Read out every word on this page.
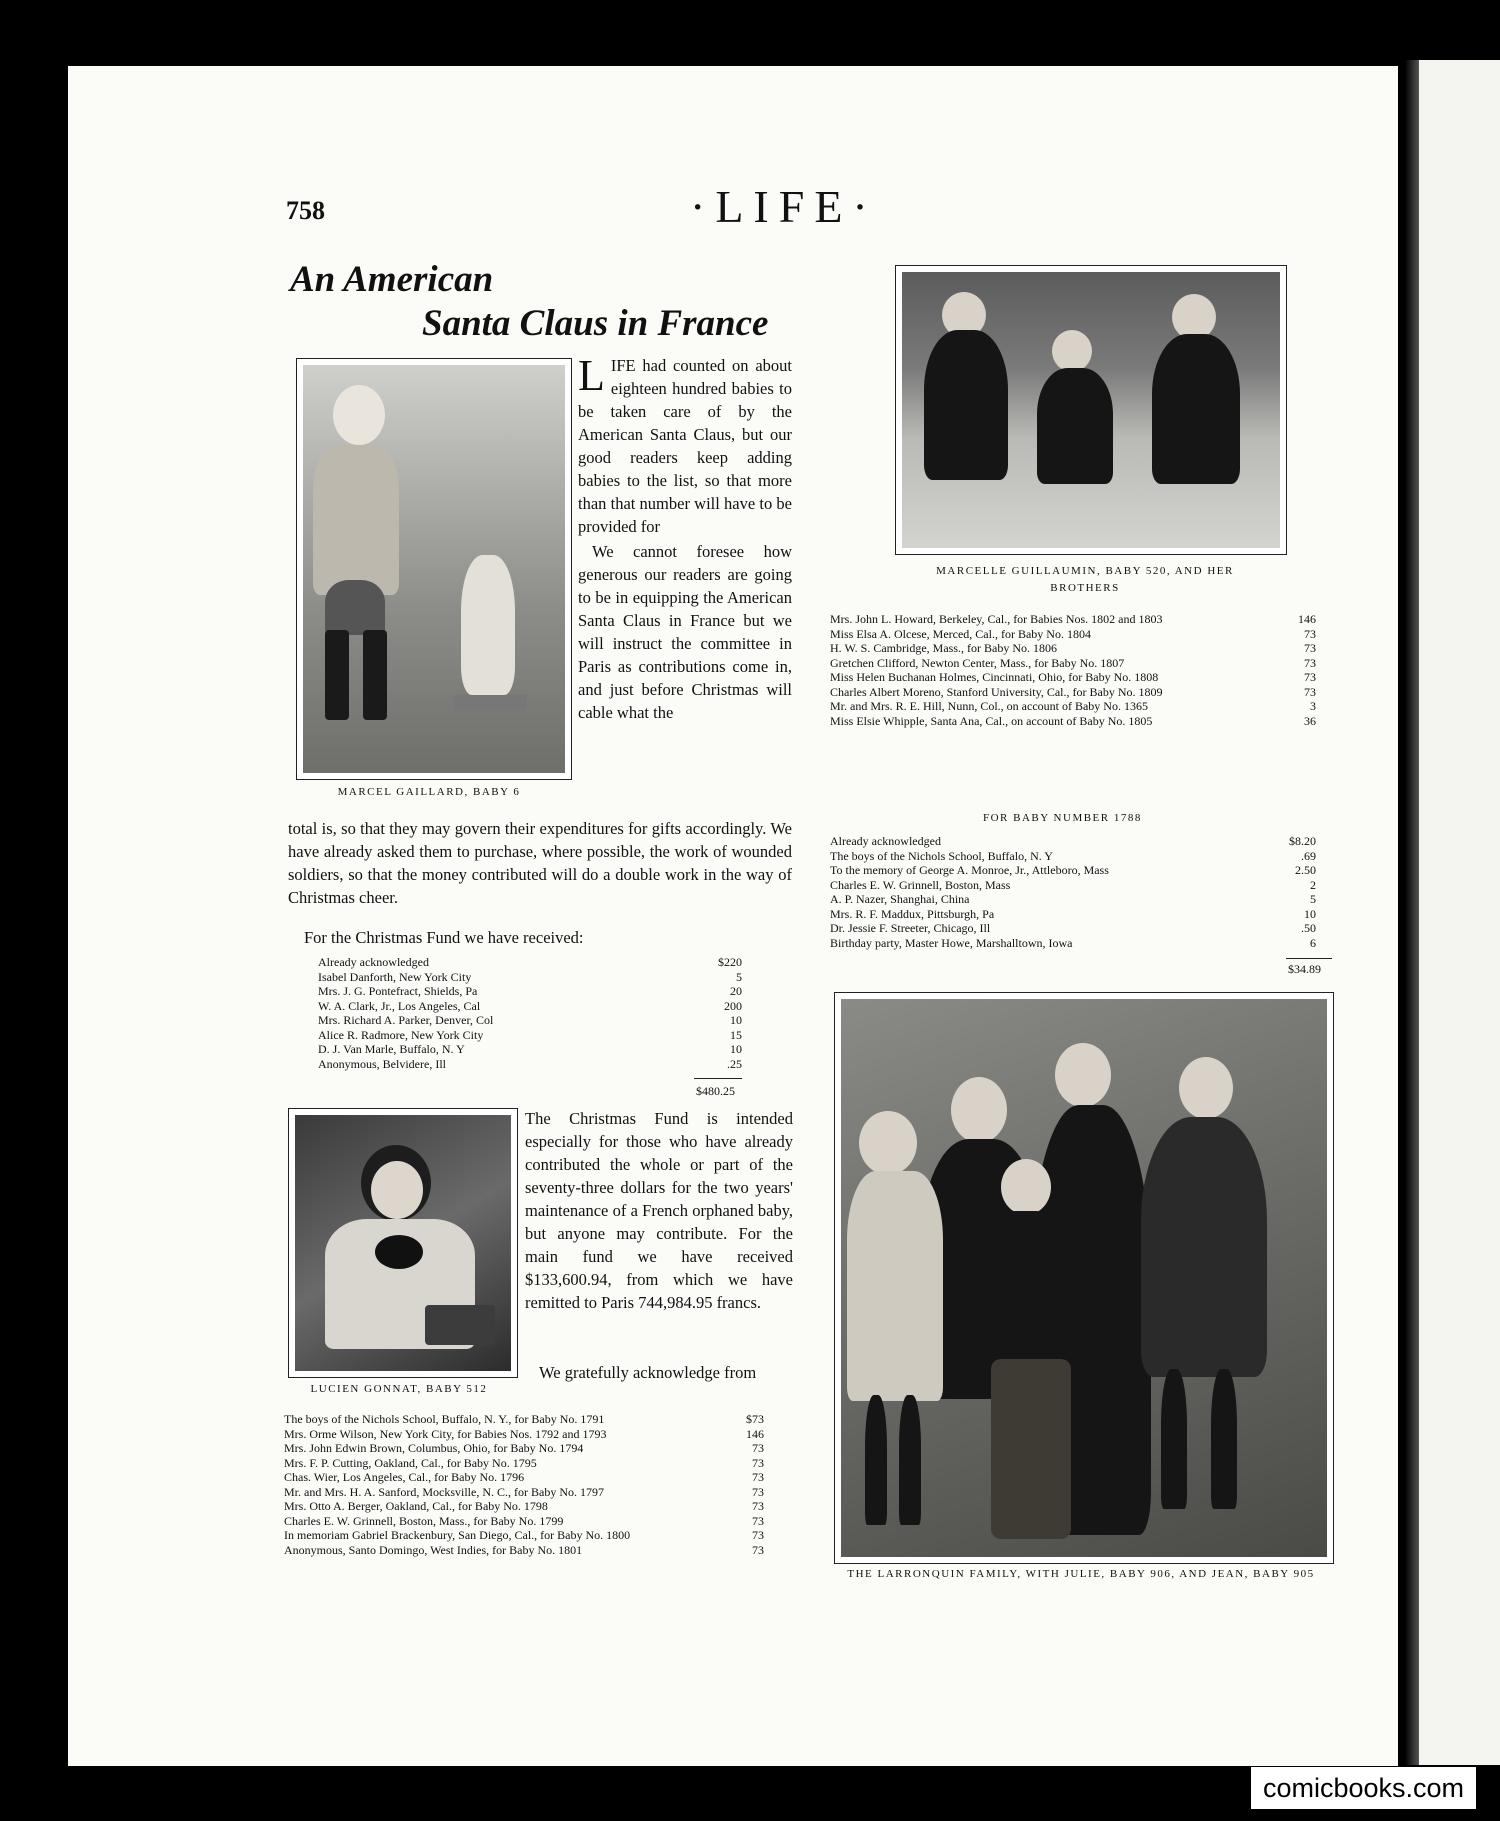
758	·LIFE·
An American
Santa Claus in France
MARCEL GAILLARD, BABY 6

LIFE had counted on about eighteen hundred babies to be taken care of by the American Santa Claus, but our good readers keep adding babies to the list, so that more than that number will have to be provided for

We cannot foresee how generous our readers are going to be in equipping the American Santa Claus in France but we will instruct the committee in Paris as contributions come in, and just before Christmas will cable what the

total is, so that they may govern their expenditures for gifts accordingly. We have already asked them to purchase, where possible, the work of wounded soldiers, so that the money contributed will do a double work in the way of Christmas cheer.
For the Christmas Fund we have received:
Already acknowledged	$220
Isabel Danforth, New York City	5
Mrs. J. G. Pontefract, Shields, Pa	20
W. A. Clark, Jr., Los Angeles, Cal	200
Mrs. Richard A. Parker, Denver, Col	10
Alice R. Radmore, New York City	15
D. J. Van Marle, Buffalo, N. Y	10
Anonymous, Belvidere, Ill	.25
$480.25
LUCIEN GONNAT, BABY 512
The Christmas Fund is intended especially for those who have already contributed the whole or part of the seventy-three dollars for the two years' maintenance of a French orphaned baby, but anyone may contribute. For the main fund we have received $133,600.94, from which we have remitted to Paris 744,984.95 francs.
We gratefully acknowledge from
The boys of the Nichols School, Buffalo, N. Y., for Baby No. 1791	$73
Mrs. Orme Wilson, New York City, for Babies Nos. 1792 and 1793	146
Mrs. John Edwin Brown, Columbus, Ohio, for Baby No. 1794	73
Mrs. F. P. Cutting, Oakland, Cal., for Baby No. 1795	73
Chas. Wier, Los Angeles, Cal., for Baby No. 1796	73
Mr. and Mrs. H. A. Sanford, Mocksville, N. C., for Baby No. 1797	73
Mrs. Otto A. Berger, Oakland, Cal., for Baby No. 1798	73
Charles E. W. Grinnell, Boston, Mass., for Baby No. 1799	73
In memoriam Gabriel Brackenbury, San Diego, Cal., for Baby No. 1800	73
Anonymous, Santo Domingo, West Indies, for Baby No. 1801	73
MARCELLE GUILLAUMIN, BABY 520, AND HER BROTHERS
Mrs. John L. Howard, Berkeley, Cal., for Babies Nos. 1802 and 1803	146
Miss Elsa A. Olcese, Merced, Cal., for Baby No. 1804	73
H. W. S. Cambridge, Mass., for Baby No. 1806	73
Gretchen Clifford, Newton Center, Mass., for Baby No. 1807	73
Miss Helen Buchanan Holmes, Cincinnati, Ohio, for Baby No. 1808	73
Charles Albert Moreno, Stanford University, Cal., for Baby No. 1809	73
Mr. and Mrs. R. E. Hill, Nunn, Col., on account of Baby No. 1365	3
Miss Elsie Whipple, Santa Ana, Cal., on account of Baby No. 1805	36
FOR BABY NUMBER 1788
Already acknowledged	$8.20
The boys of the Nichols School, Buffalo, N. Y	.69
To the memory of George A. Monroe, Jr., Attleboro, Mass	2.50
Charles E. W. Grinnell, Boston, Mass	2
A. P. Nazer, Shanghai, China	5
Mrs. R. F. Maddux, Pittsburgh, Pa	10
Dr. Jessie F. Streeter, Chicago, Ill	.50
Birthday party, Master Howe, Marshalltown, Iowa	6
$34.89
THE LARRONQUIN FAMILY, WITH JULIE, BABY 906, AND JEAN, BABY 905
comicbooks.com
